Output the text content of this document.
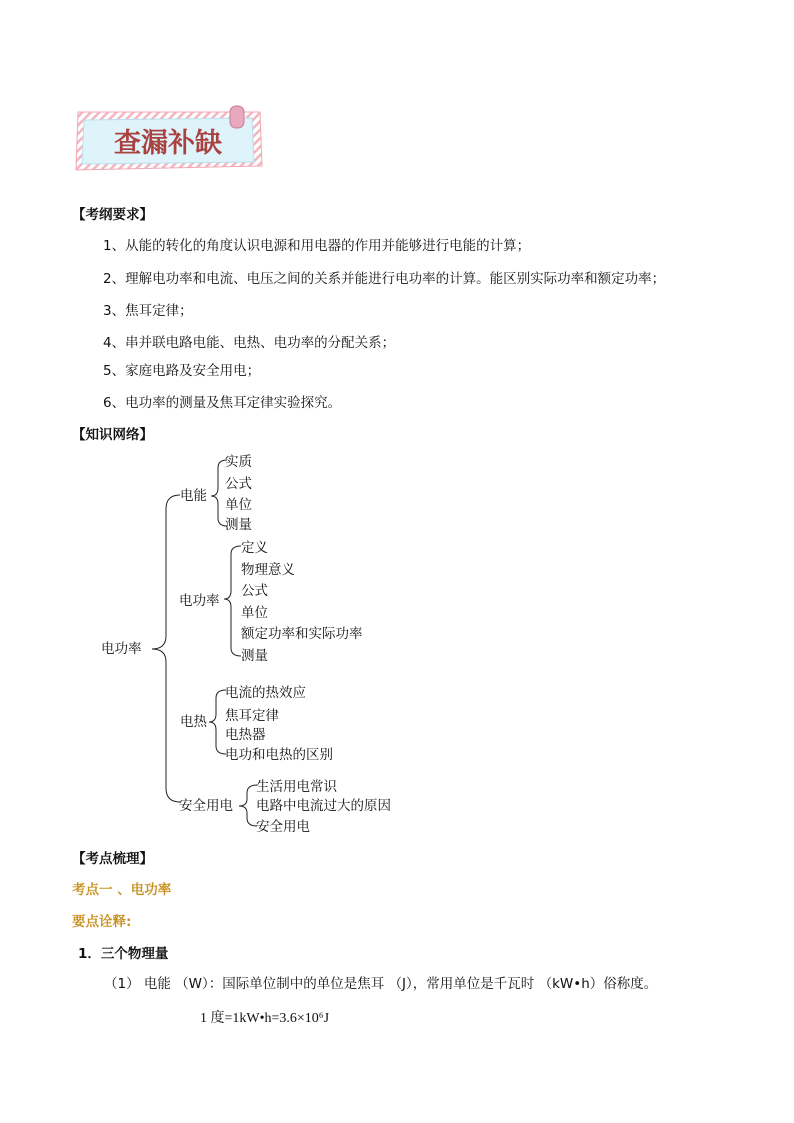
查漏补缺
【考纲要求】
1、从能的转化的角度认识电源和用电器的作用并能够进行电能的计算；
2、理解电功率和电流、电压之间的关系并能进行电功率的计算。能区别实际功率和额定功率；
3、焦耳定律；
4、串并联电路电能、电热、电功率的分配关系；
5、家庭电路及安全用电；
6、电功率的测量及焦耳定律实验探究。
【知识网络】
电功率
电能
实质
公式
单位
测量
电功率
定义
物理意义
公式
单位
额定功率和实际功率
测量
电热
电流的热效应
焦耳定律
电热器
电功和电热的区别
安全用电
生活用电常识
电路中电流过大的原因
安全用电
【考点梳理】
考点一 、电功率
要点诠释:
1．三个物理量
（1） 电能 （W）：国际单位制中的单位是焦耳 （J），常用单位是千瓦时 （kW•h）俗称度。
1 度=1kW•h=3.6×10⁶J
